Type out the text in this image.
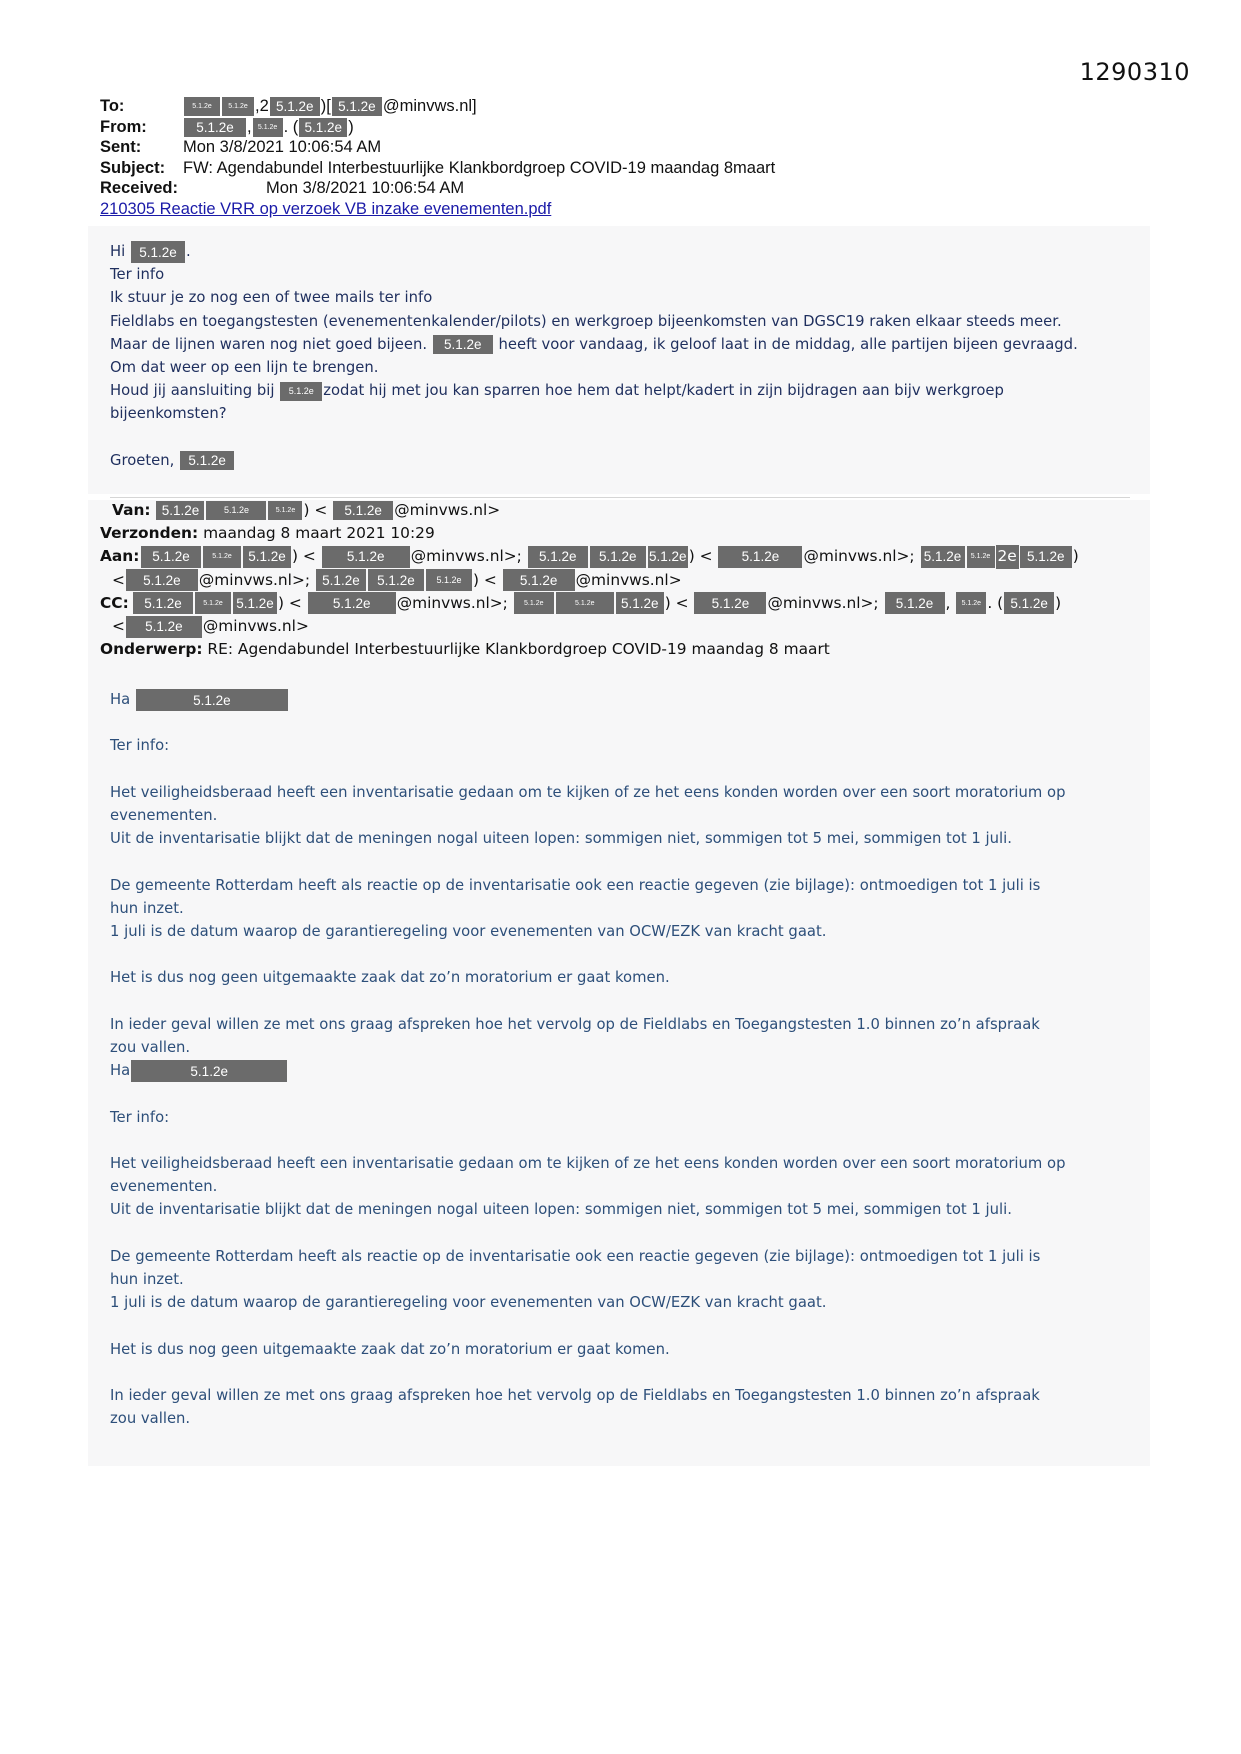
1290310
To:	5.1.2e 5.1.2e ,2 5.1.2e )[ 5.1.2e @minvws.nl]
From:	5.1.2e , 5.1.2e . ( 5.1.2e )
Sent:	Mon 3/8/2021 10:06:54 AM
Subject:	FW: Agendabundel Interbestuurlijke Klankbordgroep COVID-19 maandag 8maart
Received:	Mon 3/8/2021 10:06:54 AM
210305 Reactie VRR op verzoek VB inzake evenementen.pdf

Hi 5.1.2e .

Ter info

Ik stuur je zo nog een of twee mails ter info

Fieldlabs en toegangstesten (evenementenkalender/pilots) en werkgroep bijeenkomsten van DGSC19 raken elkaar steeds meer.

Maar de lijnen waren nog niet goed bijeen. 5.1.2e heeft voor vandaag, ik geloof laat in de middag, alle partijen bijeen gevraagd.

Om dat weer op een lijn te brengen.

Houd jij aansluiting bij 5.1.2e zodat hij met jou kan sparren hoe hem dat helpt/kadert in zijn bijdragen aan bijv werkgroep

bijeenkomsten?

Groeten, 5.1.2e

Van:
5.1.2e	5.1.2e	5.1.2e ) <
	5.1.2e @minvws.nl>
Verzonden:
maandag 8 maart 2021 10:29
Aan: 5.1.2e	5.1.2e	5.1.2e ) <
	5.1.2e	@minvws.nl>;
	5.1.2e	5.1.2e 5.1.2e ) <
	5.1.2e	@minvws.nl>;
5.1.2e	5.1.2e 2e 5.1.2e )
<	5.1.2e	@minvws.nl>;
5.1.2e	5.1.2e	5.1.2e ) <
	5.1.2e	@minvws.nl>
CC:	5.1.2e	5.1.2e 5.1.2e ) <
	5.1.2e	@minvws.nl>;
	5.1.2e	5.1.2e	5.1.2e ) <
	5.1.2e	@minvws.nl>;
	5.1.2e ,
	5.1.2e . ( 5.1.2e )
<	5.1.2e	@minvws.nl>
Onderwerp:
RE: Agendabundel Interbestuurlijke Klankbordgroep COVID-19 maandag 8 maart

Ha	5.1.2e

Ter info:

Het veiligheidsberaad heeft een inventarisatie gedaan om te kijken of ze het eens konden worden over een soort moratorium op

evenementen.

Uit de inventarisatie blijkt dat de meningen nogal uiteen lopen: sommigen niet, sommigen tot 5 mei, sommigen tot 1 juli.

De gemeente Rotterdam heeft als reactie op de inventarisatie ook een reactie gegeven (zie bijlage): ontmoedigen tot 1 juli is

hun inzet.

1 juli is de datum waarop de garantieregeling voor evenementen van OCW/EZK van kracht gaat.

Het is dus nog geen uitgemaakte zaak dat zo’n moratorium er gaat komen.

In ieder geval willen ze met ons graag afspreken hoe het vervolg op de Fieldlabs en Toegangstesten 1.0 binnen zo’n afspraak

zou vallen.

Ha	5.1.2e

Ter info:

Het veiligheidsberaad heeft een inventarisatie gedaan om te kijken of ze het eens konden worden over een soort moratorium op

evenementen.

Uit de inventarisatie blijkt dat de meningen nogal uiteen lopen: sommigen niet, sommigen tot 5 mei, sommigen tot 1 juli.

De gemeente Rotterdam heeft als reactie op de inventarisatie ook een reactie gegeven (zie bijlage): ontmoedigen tot 1 juli is

hun inzet.

1 juli is de datum waarop de garantieregeling voor evenementen van OCW/EZK van kracht gaat.

Het is dus nog geen uitgemaakte zaak dat zo’n moratorium er gaat komen.

In ieder geval willen ze met ons graag afspreken hoe het vervolg op de Fieldlabs en Toegangstesten 1.0 binnen zo’n afspraak

zou vallen.
